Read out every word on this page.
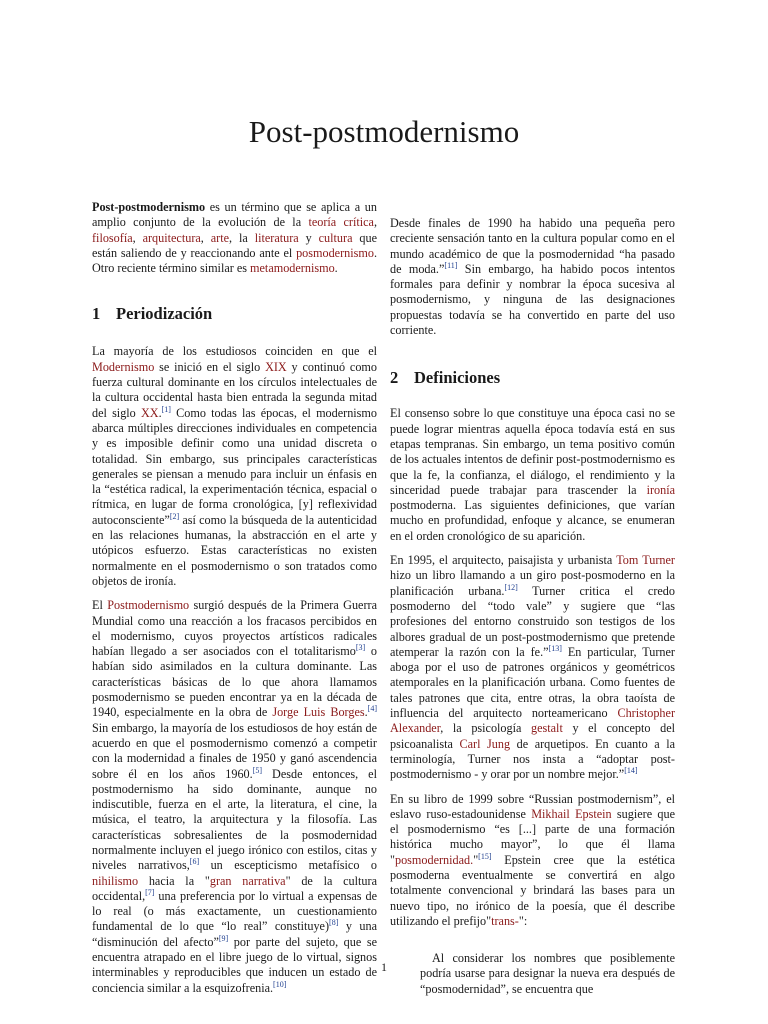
Post-postmodernismo

Post-postmodernismo es un término que se aplica a un amplio conjunto de la evolución de la teoría crítica, filosofía, arquitectura, arte, la literatura y cultura que están saliendo de y reaccionando ante el posmodernismo. Otro reciente término similar es metamodernismo.

1 Periodización

La mayoría de los estudiosos coinciden en que el Modernismo se inició en el siglo XIX y continuó como fuerza cultural dominante en los círculos intelectuales de la cultura occidental hasta bien entrada la segunda mitad del siglo XX.[1] Como todas las épocas, el modernismo abarca múltiples direcciones individuales en competencia y es imposible definir como una unidad discreta o totalidad. Sin embargo, sus principales características generales se piensan a menudo para incluir un énfasis en la “estética radical, la experimentación técnica, espacial o rítmica, en lugar de forma cronológica, [y] reflexividad autoconsciente”[2] así como la búsqueda de la autenticidad en las relaciones humanas, la abstracción en el arte y utópicos esfuerzo. Estas características no existen normalmente en el posmodernismo o son tratados como objetos de ironía.

El Postmodernismo surgió después de la Primera Guerra Mundial como una reacción a los fracasos percibidos en el modernismo, cuyos proyectos artísticos radicales habían llegado a ser asociados con el totalitarismo[3] o habían sido asimilados en la cultura dominante. Las características básicas de lo que ahora llamamos posmodernismo se pueden encontrar ya en la década de 1940, especialmente en la obra de Jorge Luis Borges.[4] Sin embargo, la mayoría de los estudiosos de hoy están de acuerdo en que el posmodernismo comenzó a competir con la modernidad a finales de 1950 y ganó ascendencia sobre él en los años 1960.[5] Desde entonces, el postmodernismo ha sido dominante, aunque no indiscutible, fuerza en el arte, la literatura, el cine, la música, el teatro, la arquitectura y la filosofía. Las características sobresalientes de la posmodernidad normalmente incluyen el juego irónico con estilos, citas y niveles narrativos,[6] un escepticismo metafísico o nihilismo hacia la "gran narrativa" de la cultura occidental,[7] una preferencia por lo virtual a expensas de lo real (o más exactamente, un cuestionamiento fundamental de lo que “lo real” constituye)[8] y una “disminución del afecto”[9] por parte del sujeto, que se encuentra atrapado en el libre juego de lo virtual, signos interminables y reproducibles que inducen un estado de conciencia similar a la esquizofrenia.[10]

Desde finales de 1990 ha habido una pequeña pero creciente sensación tanto en la cultura popular como en el mundo académico de que la posmodernidad “ha pasado de moda.”[11] Sin embargo, ha habido pocos intentos formales para definir y nombrar la época sucesiva al posmodernismo, y ninguna de las designaciones propuestas todavía se ha convertido en parte del uso corriente.

2 Definiciones

El consenso sobre lo que constituye una época casi no se puede lograr mientras aquella época todavía está en sus etapas tempranas. Sin embargo, un tema positivo común de los actuales intentos de definir post-postmodernismo es que la fe, la confianza, el diálogo, el rendimiento y la sinceridad puede trabajar para trascender la ironía postmoderna. Las siguientes definiciones, que varían mucho en profundidad, enfoque y alcance, se enumeran en el orden cronológico de su aparición.

En 1995, el arquitecto, paisajista y urbanista Tom Turner hizo un libro llamando a un giro post-posmoderno en la planificación urbana.[12] Turner critica el credo posmoderno del “todo vale” y sugiere que “las profesiones del entorno construido son testigos de los albores gradual de un post-postmodernismo que pretende atemperar la razón con la fe.”[13] En particular, Turner aboga por el uso de patrones orgánicos y geométricos atemporales en la planificación urbana. Como fuentes de tales patrones que cita, entre otras, la obra taoísta de influencia del arquitecto norteamericano Christopher Alexander, la psicología gestalt y el concepto del psicoanalista Carl Jung de arquetipos. En cuanto a la terminología, Turner nos insta a “adoptar post-postmodernismo - y orar por un nombre mejor.”[14]

En su libro de 1999 sobre “Russian postmodernism”, el eslavo ruso-estadounidense Mikhail Epstein sugiere que el posmodernismo “es [...] parte de una formación histórica mucho mayor”, lo que él llama "posmodernidad."[15] Epstein cree que la estética posmoderna eventualmente se convertirá en algo totalmente convencional y brindará las bases para un nuevo tipo, no irónico de la poesía, que él describe utilizando el prefijo"trans-":

Al considerar los nombres que posiblemente podría usarse para designar la nueva era después de “posmodernidad”, se encuentra que

1
